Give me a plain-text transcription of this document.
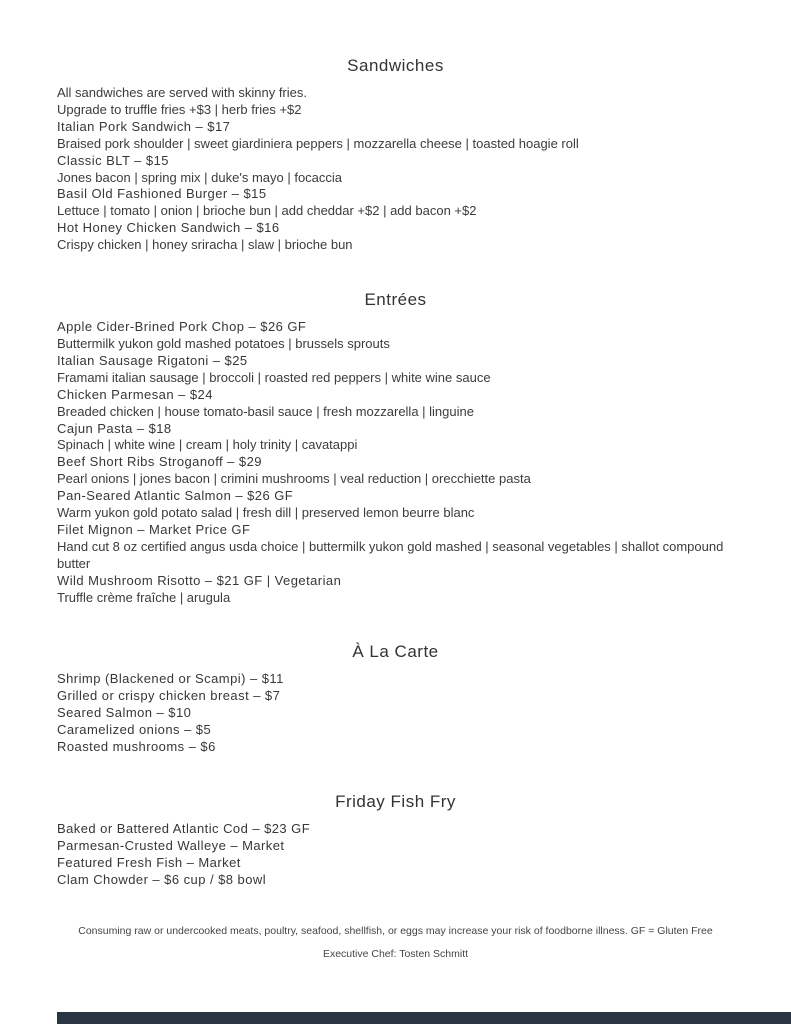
Sandwiches

All sandwiches are served with skinny fries.

Upgrade to truffle fries +$3 | herb fries +$2

Italian Pork Sandwich – $17

Braised pork shoulder | sweet giardiniera peppers | mozzarella cheese | toasted hoagie roll

Classic BLT – $15

Jones bacon | spring mix | duke's mayo | focaccia

Basil Old Fashioned Burger – $15

Lettuce | tomato | onion | brioche bun | add cheddar +$2 | add bacon +$2

Hot Honey Chicken Sandwich – $16

Crispy chicken | honey sriracha | slaw | brioche bun

Entrées

Apple Cider-Brined Pork Chop – $26 GF

Buttermilk yukon gold mashed potatoes | brussels sprouts

Italian Sausage Rigatoni – $25

Framami italian sausage | broccoli | roasted red peppers | white wine sauce

Chicken Parmesan – $24

Breaded chicken | house tomato-basil sauce | fresh mozzarella | linguine

Cajun Pasta – $18

Spinach | white wine | cream | holy trinity | cavatappi

Beef Short Ribs Stroganoff – $29

Pearl onions | jones bacon | crimini mushrooms | veal reduction | orecchiette pasta

Pan-Seared Atlantic Salmon – $26 GF

Warm yukon gold potato salad | fresh dill | preserved lemon beurre blanc

Filet Mignon – Market Price GF

Hand cut 8 oz certified angus usda choice | buttermilk yukon gold mashed | seasonal vegetables | shallot compound butter

Wild Mushroom Risotto – $21 GF | Vegetarian

Truffle crème fraîche | arugula

À La Carte

Shrimp (Blackened or Scampi) – $11

Grilled or crispy chicken breast – $7

Seared Salmon – $10

Caramelized onions – $5

Roasted mushrooms – $6

Friday Fish Fry

Baked or Battered Atlantic Cod – $23 GF

Parmesan-Crusted Walleye – Market

Featured Fresh Fish – Market

Clam Chowder – $6 cup / $8 bowl

Consuming raw or undercooked meats, poultry, seafood, shellfish, or eggs may increase your risk of foodborne illness. GF = Gluten Free

Executive Chef: Tosten Schmitt
